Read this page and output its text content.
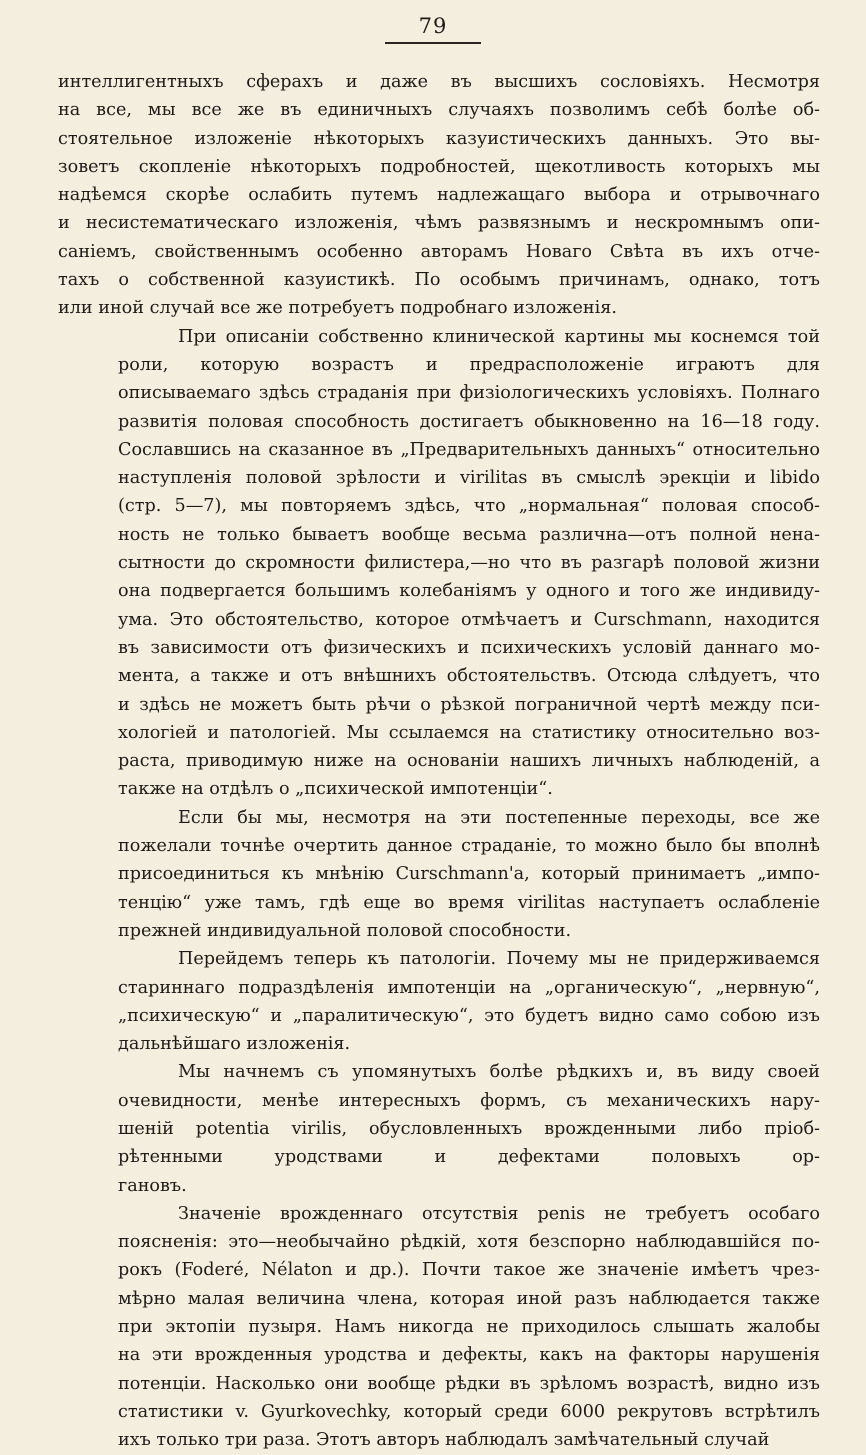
79
интеллигентныхъ сферахъ и даже въ высшихъ сословіяхъ. Несмотря
на все, мы все же въ единичныхъ случаяхъ позволимъ себѣ болѣе об-
стоятельное изложеніе нѣкоторыхъ казуистическихъ данныхъ. Это вы-
зоветъ скопленіе нѣкоторыхъ подробностей, щекотливость которыхъ мы
надѣемся скорѣе ослабить путемъ надлежащаго выбора и отрывочнаго
и несистематическаго изложенія, чѣмъ развязнымъ и нескромнымъ опи-
саніемъ, свойственнымъ особенно авторамъ Новаго Свѣта въ ихъ отче-
тахъ о собственной казуистикѣ. По особымъ причинамъ, однако, тотъ
или иной случай все же потребуетъ подробнаго изложенія.
При описаніи собственно клинической картины мы коснемся той
роли, которую возрастъ и предрасположеніе играютъ для
описываемаго здѣсь страданія при физіологическихъ условіяхъ. Полнаго
развитія половая способность достигаетъ обыкновенно на 16—18 году.
Сославшись на сказанное въ „Предварительныхъ данныхъ“ относительно
наступленія половой зрѣлости и virilitas въ смыслѣ эрекціи и libido
(стр. 5—7), мы повторяемъ здѣсь, что „нормальная“ половая способ-
ность не только бываетъ вообще весьма различна—отъ полной нена-
сытности до скромности филистера,—но что въ разгарѣ половой жизни
она подвергается большимъ колебаніямъ у одного и того же индивиду-
ума. Это обстоятельство, которое отмѣчаетъ и Curschmann, находится
въ зависимости отъ физическихъ и психическихъ условій даннаго мо-
мента, а также и отъ внѣшнихъ обстоятельствъ. Отсюда слѣдуетъ, что
и здѣсь не можетъ быть рѣчи о рѣзкой пограничной чертѣ между пси-
хологіей и патологіей. Мы ссылаемся на статистику относительно воз-
раста, приводимую ниже на основаніи нашихъ личныхъ наблюденій, а
также на отдѣлъ о „психической импотенціи“.
Если бы мы, несмотря на эти постепенные переходы, все же
пожелали точнѣе очертить данное страданіе, то можно было бы вполнѣ
присоединиться къ мнѣнію Curschmann'a, который принимаетъ „импо-
тенцію“ уже тамъ, гдѣ еще во время virilitas наступаетъ ослабленіе
прежней индивидуальной половой способности.
Перейдемъ теперь къ патологіи. Почему мы не придерживаемся
стариннаго подраздѣленія импотенціи на „органическую“, „нервную“,
„психическую“ и „паралитическую“, это будетъ видно само собою изъ
дальнѣйшаго изложенія.
Мы начнемъ съ упомянутыхъ болѣе рѣдкихъ и, въ виду своей
очевидности, менѣе интересныхъ формъ, съ механическихъ нару-
шеній potentia virilis, обусловленныхъ врожденными либо пріоб-
рѣтенными уродствами и дефектами половыхъ ор-
гановъ.
Значеніе врожденнаго отсутствія penis не требуетъ особаго
поясненія: это—необычайно рѣдкій, хотя безспорно наблюдавшійся по-
рокъ (Foderé, Nélaton и др.). Почти такое же значеніе имѣетъ чрез-
мѣрно малая величина члена, которая иной разъ наблюдается также
при эктопіи пузыря. Намъ никогда не приходилось слышать жалобы
на эти врожденныя уродства и дефекты, какъ на факторы нарушенія
потенціи. Насколько они вообще рѣдки въ зрѣломъ возрастѣ, видно изъ
статистики v. Gyurkovechky, который среди 6000 рекрутовъ встрѣтилъ
ихъ только три раза. Этотъ авторъ наблюдалъ замѣчательный случай
